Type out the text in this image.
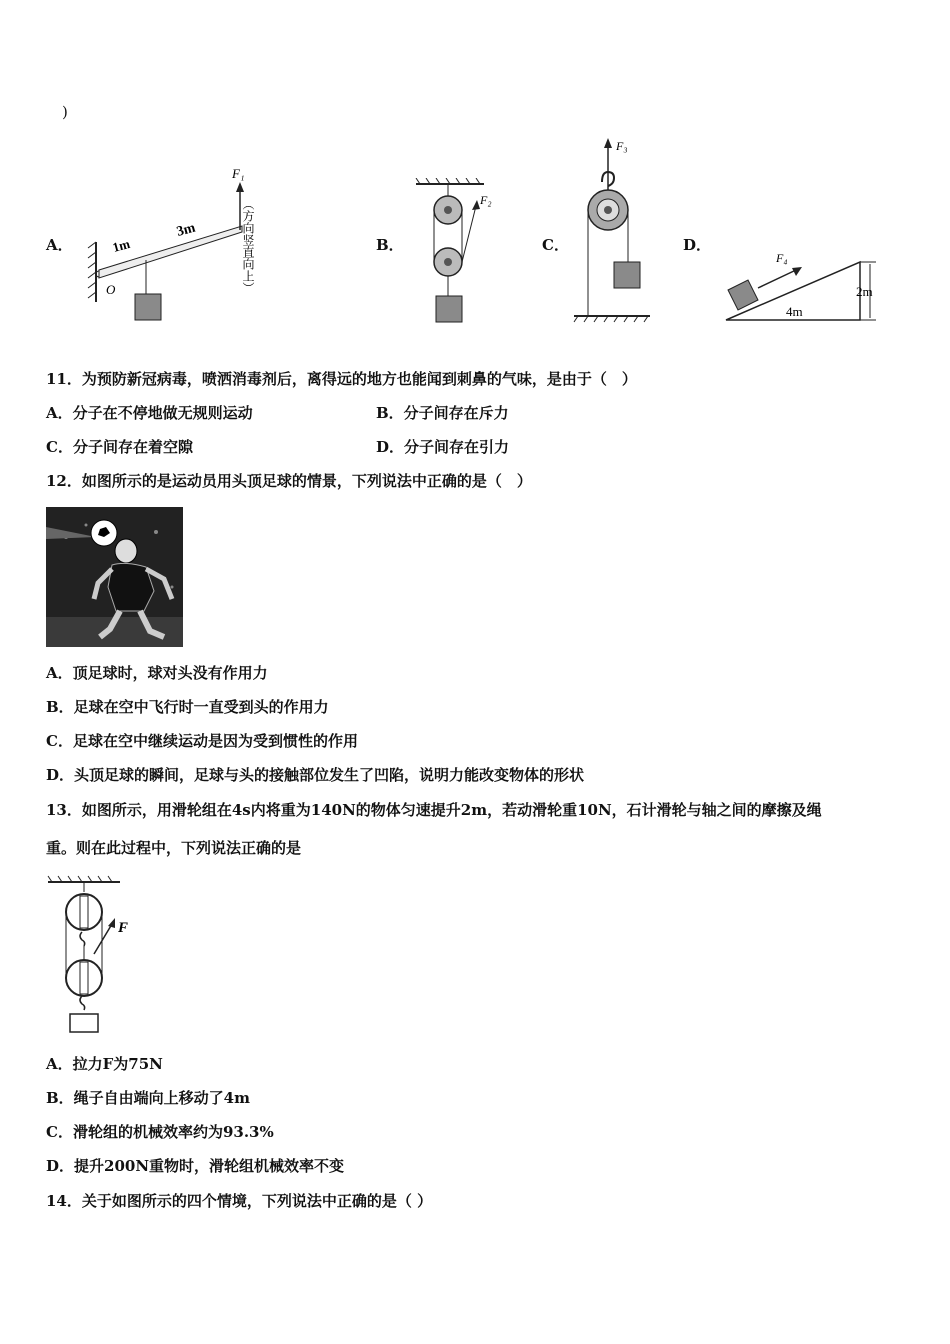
)
A．	B．	C．	D．
F₁
1m
3m
O	（方向竖直向上）	F₂
F₃
F₄
4m
2m
11．为预防新冠病毒，喷洒消毒剂后，离得远的地方也能闻到刺鼻的气味，是由于（　）
A．分子在不停地做无规则运动	B．分子间存在斥力
C．分子间存在着空隙	D．分子间存在引力
12．如图所示的是运动员用头顶足球的情景，下列说法中正确的是（　）
A．顶足球时，球对头没有作用力
B．足球在空中飞行时一直受到头的作用力
C．足球在空中继续运动是因为受到惯性的作用
D．头顶足球的瞬间，足球与头的接触部位发生了凹陷，说明力能改变物体的形状
13．如图所示，用滑轮组在4s内将重为140N的物体匀速提升2m，若动滑轮重10N，石计滑轮与轴之间的摩擦及绳
重。则在此过程中，下列说法正确的是
F
A．拉力F为75N
B．绳子自由端向上移动了4m
C．滑轮组的机械效率约为93.3%
D．提升200N重物时，滑轮组机械效率不变
14．关于如图所示的四个情境，下列说法中正确的是（ ）
